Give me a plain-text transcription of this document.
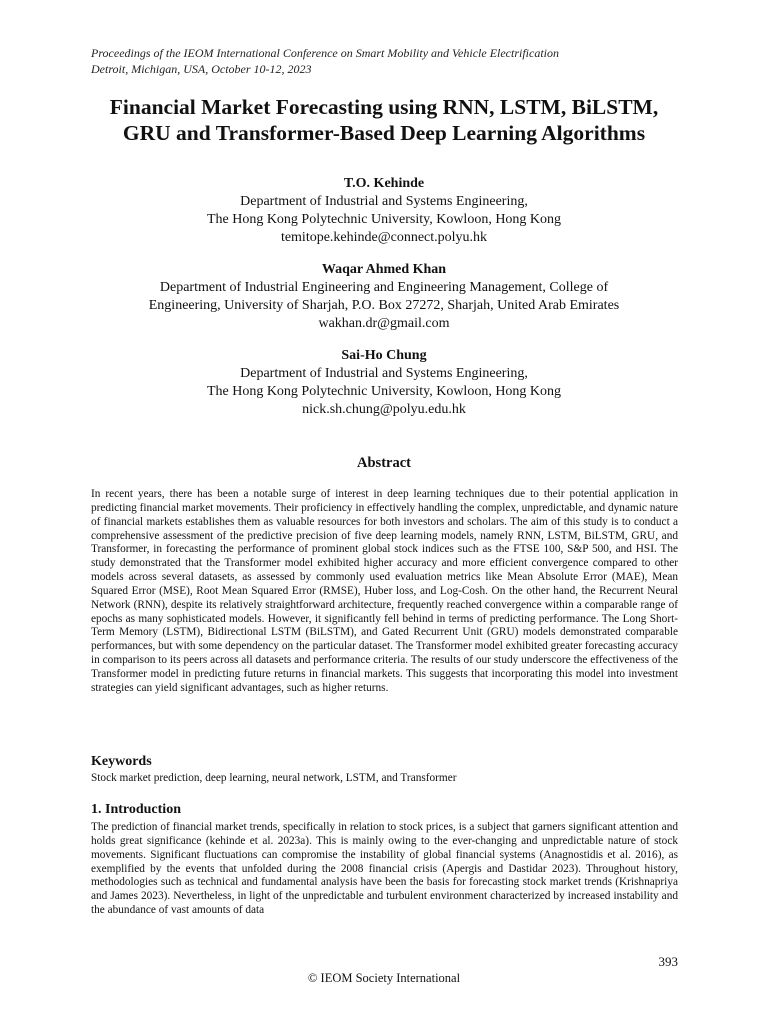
Proceedings of the IEOM International Conference on Smart Mobility and Vehicle Electrification
Detroit, Michigan, USA, October 10-12, 2023
Financial Market Forecasting using RNN, LSTM, BiLSTM,
GRU and Transformer-Based Deep Learning Algorithms
T.O. Kehinde
Department of Industrial and Systems Engineering,
The Hong Kong Polytechnic University, Kowloon, Hong Kong
temitope.kehinde@connect.polyu.hk
Waqar Ahmed Khan
Department of Industrial Engineering and Engineering Management, College of
Engineering, University of Sharjah, P.O. Box 27272, Sharjah, United Arab Emirates
wakhan.dr@gmail.com
Sai-Ho Chung
Department of Industrial and Systems Engineering,
The Hong Kong Polytechnic University, Kowloon, Hong Kong
nick.sh.chung@polyu.edu.hk
Abstract
In recent years, there has been a notable surge of interest in deep learning techniques due to their potential application in predicting financial market movements. Their proficiency in effectively handling the complex, unpredictable, and dynamic nature of financial markets establishes them as valuable resources for both investors and scholars. The aim of this study is to conduct a comprehensive assessment of the predictive precision of five deep learning models, namely RNN, LSTM, BiLSTM, GRU, and Transformer, in forecasting the performance of prominent global stock indices such as the FTSE 100, S&P 500, and HSI. The study demonstrated that the Transformer model exhibited higher accuracy and more efficient convergence compared to other models across several datasets, as assessed by commonly used evaluation metrics like Mean Absolute Error (MAE), Mean Squared Error (MSE), Root Mean Squared Error (RMSE), Huber loss, and Log-Cosh. On the other hand, the Recurrent Neural Network (RNN), despite its relatively straightforward architecture, frequently reached convergence within a comparable range of epochs as many sophisticated models. However, it significantly fell behind in terms of predicting performance. The Long Short-Term Memory (LSTM), Bidirectional LSTM (BiLSTM), and Gated Recurrent Unit (GRU) models demonstrated comparable performances, but with some dependency on the particular dataset. The Transformer model exhibited greater forecasting accuracy in comparison to its peers across all datasets and performance criteria. The results of our study underscore the effectiveness of the Transformer model in predicting future returns in financial markets. This suggests that incorporating this model into investment strategies can yield significant advantages, such as higher returns.
Keywords
Stock market prediction, deep learning, neural network, LSTM, and Transformer
1. Introduction
The prediction of financial market trends, specifically in relation to stock prices, is a subject that garners significant attention and holds great significance (kehinde et al. 2023a). This is mainly owing to the ever-changing and unpredictable nature of stock movements. Significant fluctuations can compromise the instability of global financial systems (Anagnostidis et al. 2016), as exemplified by the events that unfolded during the 2008 financial crisis (Apergis and Dastidar 2023). Throughout history, methodologies such as technical and fundamental analysis have been the basis for forecasting stock market trends (Krishnapriya and James 2023). Nevertheless, in light of the unpredictable and turbulent environment characterized by increased instability and the abundance of vast amounts of data
393
© IEOM Society International
